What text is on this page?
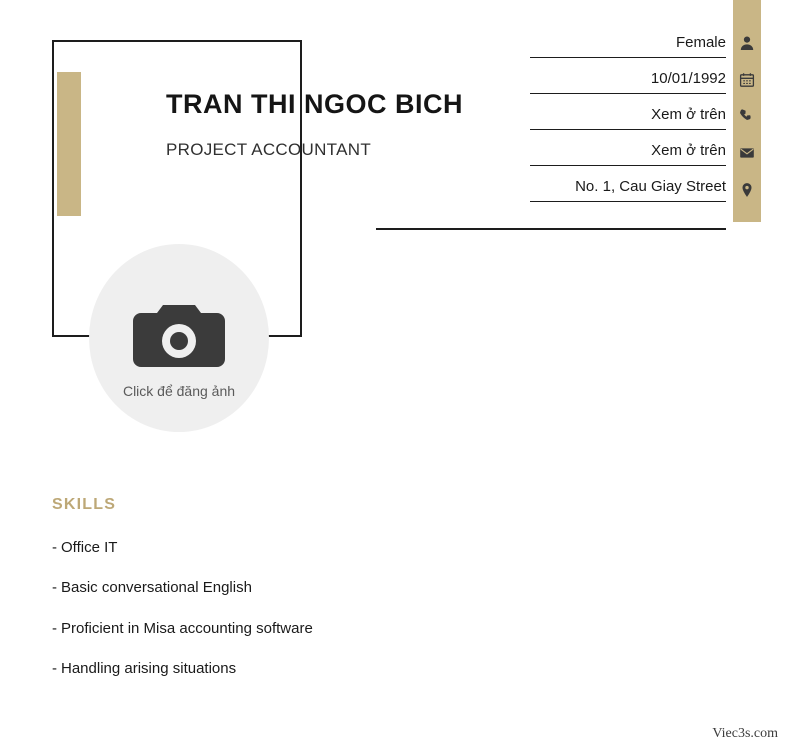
TRAN THI NGOC BICH
PROJECT ACCOUNTANT
Female
10/01/1992
Xem ở trên
Xem ở trên
No. 1, Cau Giay Street
Click để đăng ảnh
SKILLS
- Office IT
- Basic conversational English
- Proficient in Misa accounting software
- Handling arising situations
Viec3s.com
